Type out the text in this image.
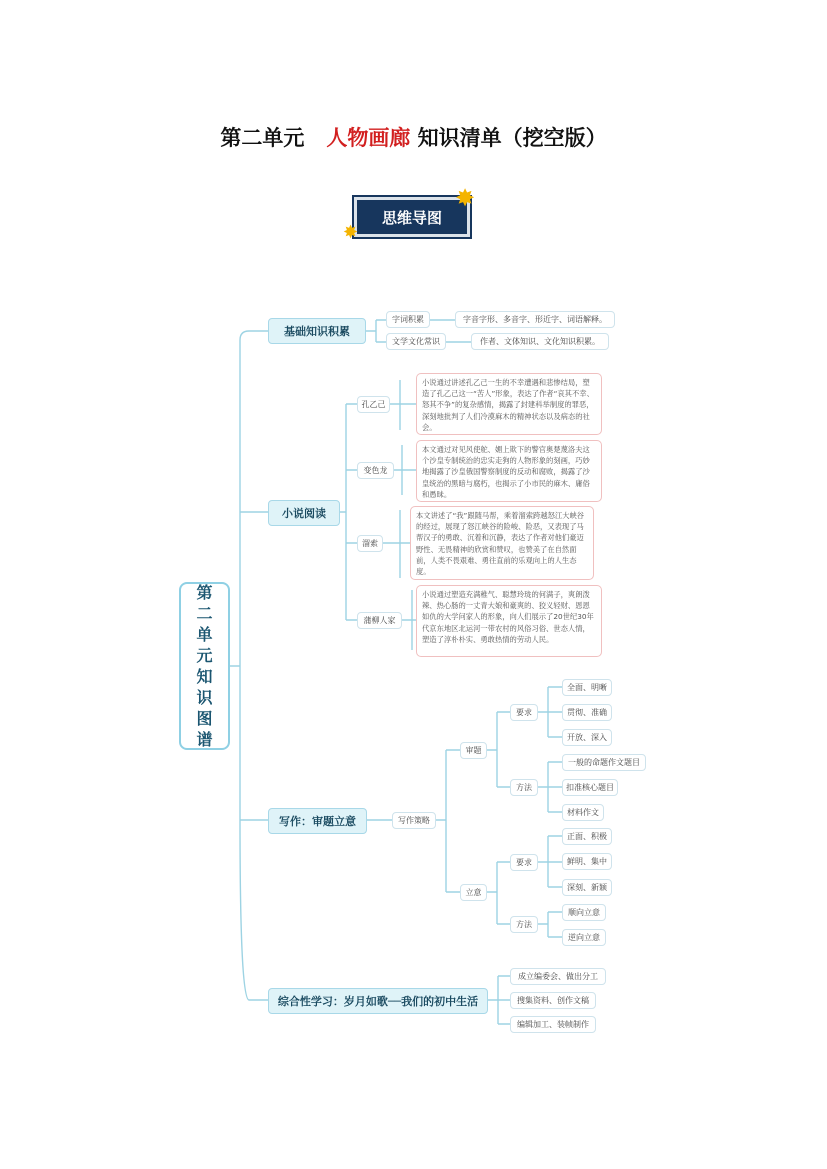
第二单元 人物画廊 知识清单（挖空版）
思维导图
✸
✸
第
二
单
元
知
识
图
谱
基础知识积累
字词积累	字音字形、多音字、形近字、词语解释。
文学文化常识	作者、文体知识、文化知识积累。
小说阅读
孔乙己
小说通过讲述孔乙己一生的不幸遭遇和悲惨结局，塑造了孔乙己这一“苦人”形象，表达了作者“哀其不幸、怒其不争”的复杂感情，揭露了封建科举制度的罪恶，深刻地批判了人们冷漠麻木的精神状态以及病态的社会。
变色龙
本文通过对见风使舵、媚上欺下的警官奥楚蔑洛夫这个沙皇专制统治的忠实走狗的人物形象的刻画，巧妙地揭露了沙皇俄国警察制度的反动和腐败，揭露了沙皇统治的黑暗与腐朽，也揭示了小市民的麻木、庸俗和愚昧。
溜索
本文讲述了“我”跟随马帮，乘着溜索跨越怒江大峡谷的经过，展现了怒江峡谷的险峻、险恶，又表现了马帮汉子的勇敢、沉着和沉静，表达了作者对他们豪迈野性、无畏精神的欣赏和赞叹，也赞美了在自然面前，人类不畏艰难、勇往直前的乐观向上的人生态度。
蒲柳人家
小说通过塑造充满稚气、聪慧玲珑的何满子，爽朗泼辣、热心肠的一丈青大娘和豪爽的、狡义轻财、恩恩如仇的大学问家人的形象，向人们展示了20世纪30年代京东地区北运河一带农村的风俗习俗、世态人情，塑造了淳朴朴实、勇敢热情的劳动人民。
写作：审题立意	写作策略
审题
立意
要求
方法
要求
方法
全面、明晰
贯彻、准确
开放、深入
一般的命题作文题目
扣准核心题目
材料作文
正面、积极
鲜明、集中
深刻、新颖
顺向立意
逆向立意
综合性学习：岁月如歌──我们的初中生活
成立编委会、做出分工
搜集资料、创作文稿
编辑加工、装帧制作
